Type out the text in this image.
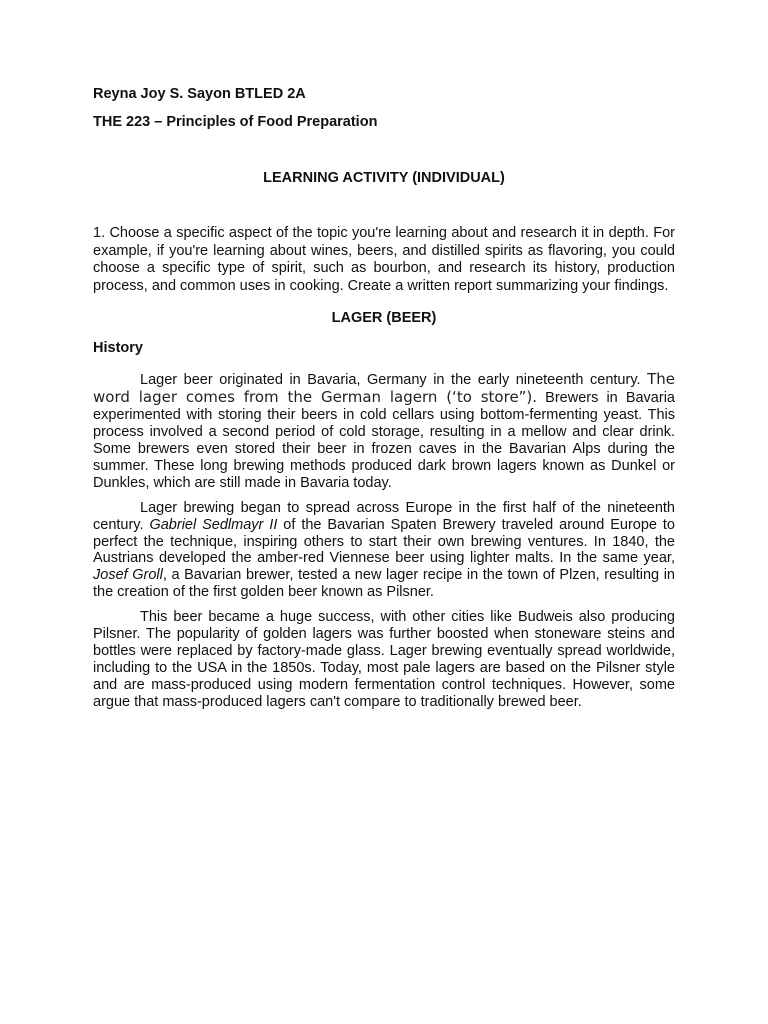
Reyna Joy S. Sayon BTLED 2A

THE 223 – Principles of Food Preparation

LEARNING ACTIVITY (INDIVIDUAL)

1. Choose a specific aspect of the topic you're learning about and research it in depth. For example, if you're learning about wines, beers, and distilled spirits as flavoring, you could choose a specific type of spirit, such as bourbon, and research its history, production process, and common uses in cooking. Create a written report summarizing your findings.

LAGER (BEER)

History

Lager beer originated in Bavaria, Germany in the early nineteenth century. The word lager comes from the German lagern (‘to store”). Brewers in Bavaria experimented with storing their beers in cold cellars using bottom-fermenting yeast. This process involved a second period of cold storage, resulting in a mellow and clear drink. Some brewers even stored their beer in frozen caves in the Bavarian Alps during the summer. These long brewing methods produced dark brown lagers known as Dunkel or Dunkles, which are still made in Bavaria today.

Lager brewing began to spread across Europe in the first half of the nineteenth century. Gabriel Sedlmayr II of the Bavarian Spaten Brewery traveled around Europe to perfect the technique, inspiring others to start their own brewing ventures. In 1840, the Austrians developed the amber-red Viennese beer using lighter malts. In the same year, Josef Groll, a Bavarian brewer, tested a new lager recipe in the town of Plzen, resulting in the creation of the first golden beer known as Pilsner.

This beer became a huge success, with other cities like Budweis also producing Pilsner. The popularity of golden lagers was further boosted when stoneware steins and bottles were replaced by factory-made glass. Lager brewing eventually spread worldwide, including to the USA in the 1850s. Today, most pale lagers are based on the Pilsner style and are mass-produced using modern fermentation control techniques. However, some argue that mass-produced lagers can't compare to traditionally brewed beer.
